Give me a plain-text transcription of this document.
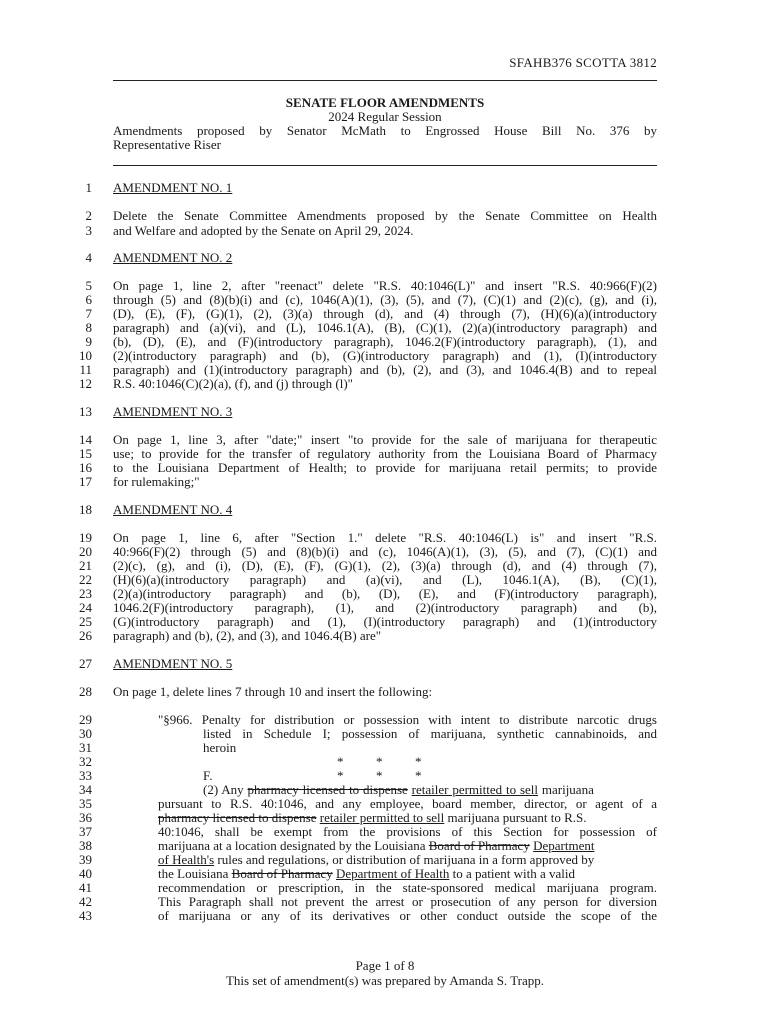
SFAHB376 SCOTTA 3812
SENATE FLOOR AMENDMENTS
2024 Regular Session
Amendments proposed by Senator McMath to Engrossed House Bill No. 376 by
Representative Riser
1 AMENDMENT NO. 1
2 Delete the Senate Committee Amendments proposed by the Senate Committee on Health
3 and Welfare and adopted by the Senate on April 29, 2024.
4 AMENDMENT NO. 2
5 On page 1, line 2, after "reenact" delete "R.S. 40:1046(L)" and insert "R.S. 40:966(F)(2)
6 through (5) and (8)(b)(i) and (c), 1046(A)(1), (3), (5), and (7), (C)(1) and (2)(c), (g), and (i),
7 (D), (E), (F), (G)(1), (2), (3)(a) through (d), and (4) through (7), (H)(6)(a)(introductory
8 paragraph) and (a)(vi), and (L), 1046.1(A), (B), (C)(1), (2)(a)(introductory paragraph) and
9 (b), (D), (E), and (F)(introductory paragraph), 1046.2(F)(introductory paragraph), (1), and
10 (2)(introductory paragraph) and (b), (G)(introductory paragraph) and (1), (I)(introductory
11 paragraph) and (1)(introductory paragraph) and (b), (2), and (3), and 1046.4(B) and to repeal
12 R.S. 40:1046(C)(2)(a), (f), and (j) through (l)"
13 AMENDMENT NO. 3
14 On page 1, line 3, after "date;" insert "to provide for the sale of marijuana for therapeutic
15 use; to provide for the transfer of regulatory authority from the Louisiana Board of Pharmacy
16 to the Louisiana Department of Health; to provide for marijuana retail permits; to provide
17 for rulemaking;"
18 AMENDMENT NO. 4
19 On page 1, line 6, after "Section 1." delete "R.S. 40:1046(L) is" and insert "R.S.
20 40:966(F)(2) through (5) and (8)(b)(i) and (c), 1046(A)(1), (3), (5), and (7), (C)(1) and
21 (2)(c), (g), and (i), (D), (E), (F), (G)(1), (2), (3)(a) through (d), and (4) through (7),
22 (H)(6)(a)(introductory paragraph) and (a)(vi), and (L), 1046.1(A), (B), (C)(1),
23 (2)(a)(introductory paragraph) and (b), (D), (E), and (F)(introductory paragraph),
24 1046.2(F)(introductory paragraph), (1), and (2)(introductory paragraph) and (b),
25 (G)(introductory paragraph) and (1), (I)(introductory paragraph) and (1)(introductory
26 paragraph) and (b), (2), and (3), and 1046.4(B) are"
27 AMENDMENT NO. 5
28 On page 1, delete lines 7 through 10 and insert the following:
29	"§966. Penalty for distribution or possession with intent to distribute narcotic drugs
30	listed in Schedule I; possession of marijuana, synthetic cannabinoids, and
31	heroin
32	*          *          *
33	F.	*          *          *
34	(2) Any pharmacy licensed to dispense retailer permitted to sell marijuana
35	pursuant to R.S. 40:1046, and any employee, board member, director, or agent of a
36	pharmacy licensed to dispense retailer permitted to sell marijuana pursuant to R.S.
37	40:1046, shall be exempt from the provisions of this Section for possession of
38	marijuana at a location designated by the Louisiana Board of Pharmacy Department
39	of Health's rules and regulations, or distribution of marijuana in a form approved by
40	the Louisiana Board of Pharmacy Department of Health to a patient with a valid
41	recommendation or prescription, in the state-sponsored medical marijuana program.
42	This Paragraph shall not prevent the arrest or prosecution of any person for diversion
43	of marijuana or any of its derivatives or other conduct outside the scope of the
Page 1 of 8
This set of amendment(s) was prepared by Amanda S. Trapp.
